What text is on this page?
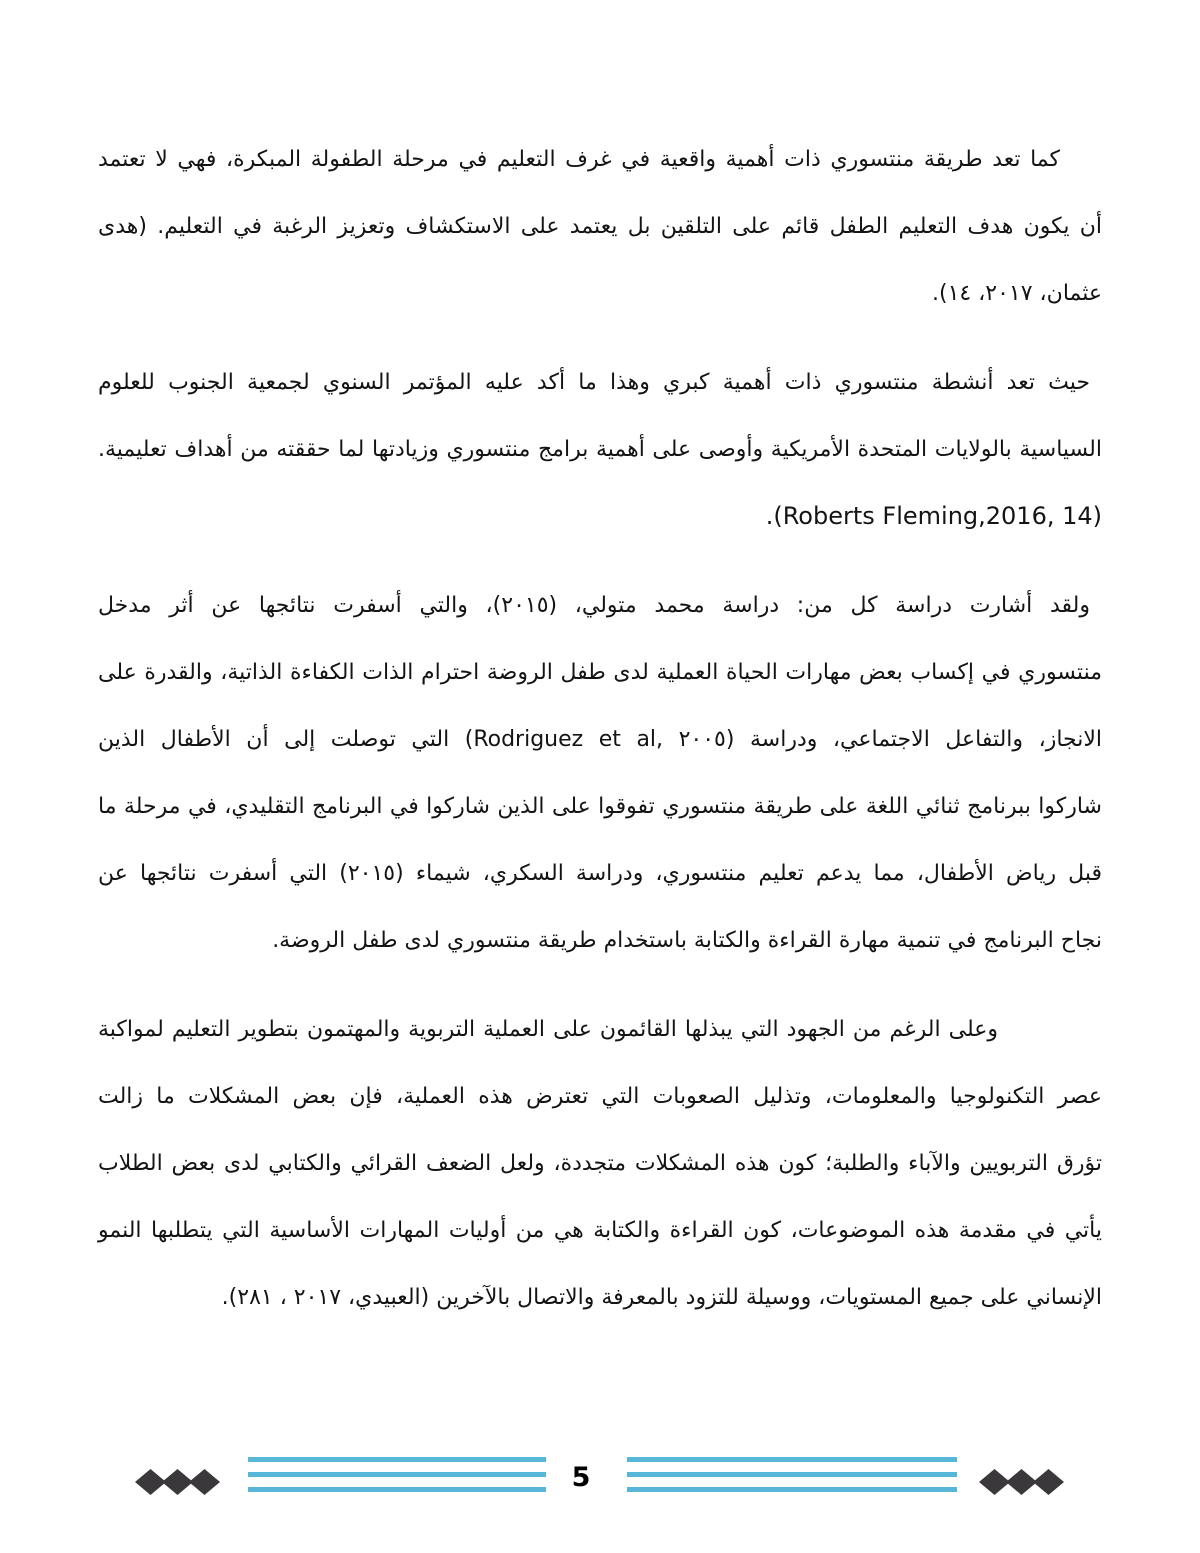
كما تعد طريقة منتسوري ذات أهمية واقعية في غرف التعليم في مرحلة الطفولة المبكرة، فهي لا تعتمد
أن يكون هدف التعليم الطفل قائم على التلقين بل يعتمد على الاستكشاف وتعزيز الرغبة في التعليم. (هدى
عثمان، ٢٠١٧، ١٤).
حيث تعد أنشطة منتسوري ذات أهمية كبري وهذا ما أكد عليه المؤتمر السنوي لجمعية الجنوب للعلوم
السياسية بالولايات المتحدة الأمريكية وأوصى على أهمية برامج منتسوري وزيادتها لما حققته من أهداف تعليمية.
.(Roberts Fleming,2016, 14)
ولقد أشارت دراسة كل من: دراسة محمد متولي، (٢٠١٥)، والتي أسفرت نتائجها عن أثر مدخل
منتسوري في إكساب بعض مهارات الحياة العملية لدى طفل الروضة احترام الذات الكفاءة الذاتية، والقدرة على
الانجاز، والتفاعل الاجتماعي، ودراسة ⁦(Rodriguez et al, ٢٠٠٥)⁩ التي توصلت إلى أن الأطفال الذين
شاركوا ببرنامج ثنائي اللغة على طريقة منتسوري تفوقوا على الذين شاركوا في البرنامج التقليدي، في مرحلة ما
قبل رياض الأطفال، مما يدعم تعليم منتسوري، ودراسة السكري، شيماء (٢٠١٥) التي أسفرت نتائجها عن
نجاح البرنامج في تنمية مهارة القراءة والكتابة باستخدام طريقة منتسوري لدى طفل الروضة.
وعلى الرغم من الجهود التي يبذلها القائمون على العملية التربوية والمهتمون بتطوير التعليم لمواكبة
عصر التكنولوجيا والمعلومات، وتذليل الصعوبات التي تعترض هذه العملية، فإن بعض المشكلات ما زالت
تؤرق التربويين والآباء والطلبة؛ كون هذه المشكلات متجددة، ولعل الضعف القرائي والكتابي لدى بعض الطلاب
يأتي في مقدمة هذه الموضوعات، كون القراءة والكتابة هي من أوليات المهارات الأساسية التي يتطلبها النمو
الإنساني على جميع المستويات، ووسيلة للتزود بالمعرفة والاتصال بالآخرين (العبيدي، ٢٠١٧ ، ٢٨١).
5
